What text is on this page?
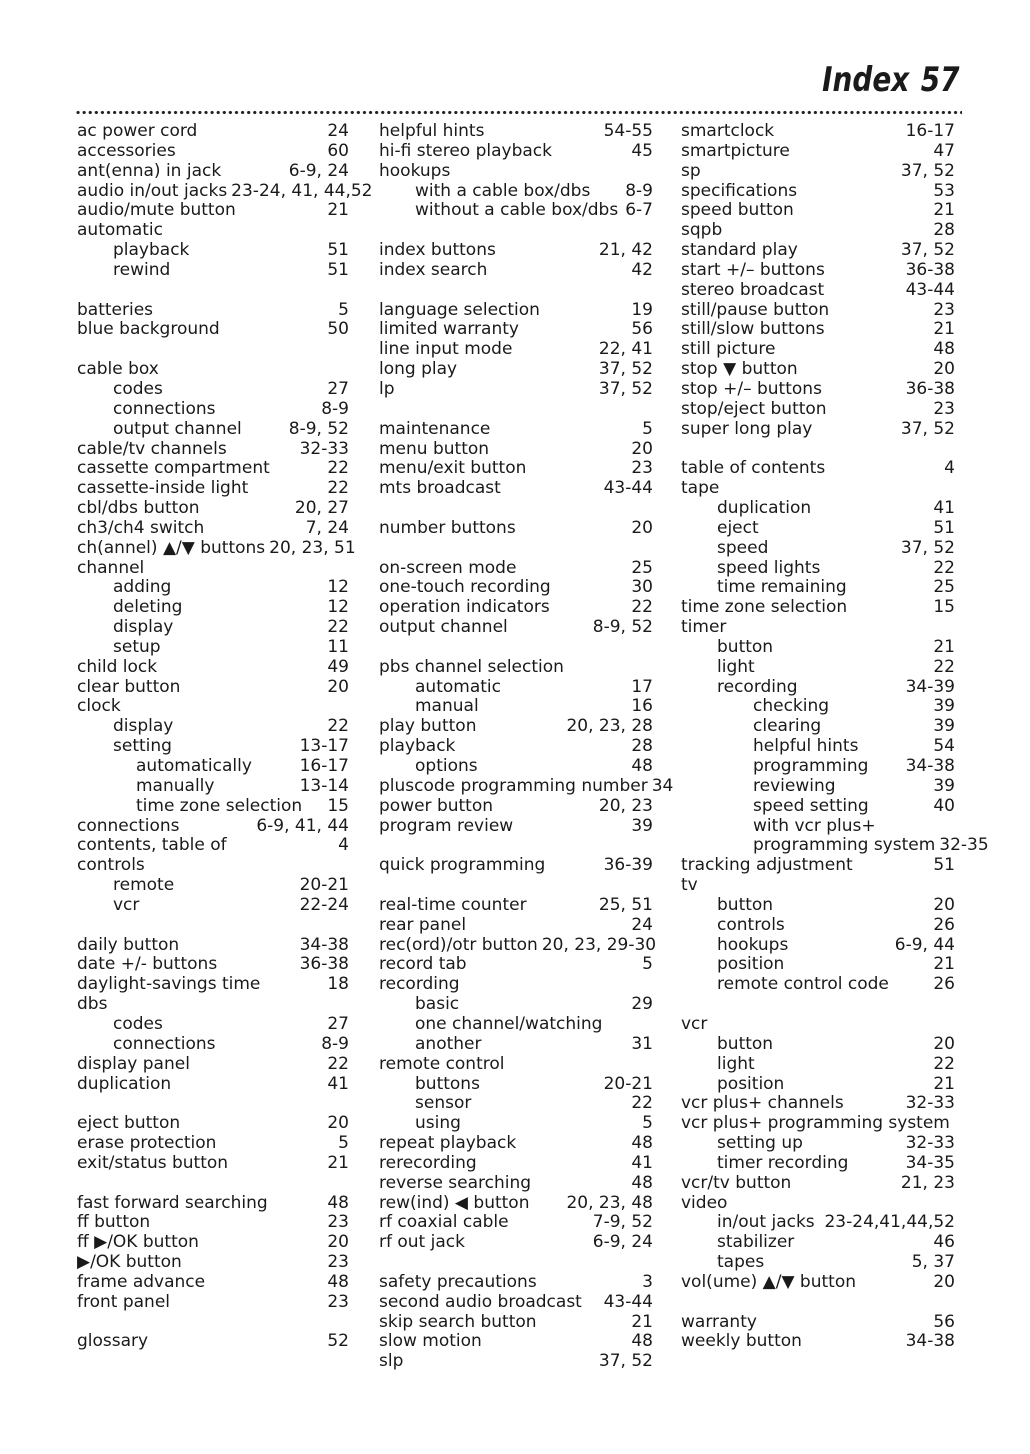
Index 57
ac power cord	24
accessories	60
ant(enna) in jack	6-9, 24
audio in/out jacks 23-24, 41, 44,52
audio/mute button	21
automatic
playback	51
rewind	51
batteries	5
blue background	50
cable box
codes	27
connections	8-9
output channel	8-9, 52
cable/tv channels	32-33
cassette compartment	22
cassette-inside light	22
cbl/dbs button	20, 27
ch3/ch4 switch	7, 24
ch(annel) ▲/▼ buttons 20, 23, 51
channel
adding	12
deleting	12
display	22
setup	11
child lock	49
clear button	20
clock
display	22
setting	13-17
automatically	16-17
manually	13-14
time zone selection 15
connections	6-9, 41, 44
contents, table of	4
controls
remote	20-21
vcr	22-24
daily button	34-38
date +/- buttons	36-38
daylight-savings time	18
dbs
codes	27
connections	8-9
display panel	22
duplication	41
eject button	20
erase protection	5
exit/status button	21
fast forward searching	48
ff button	23
ff ▶/OK button	20
▶/OK button	23
frame advance	48
front panel	23
glossary	52
helpful hints	54-55
hi-fi stereo playback	45
hookups
with a cable box/dbs 8-9
without a cable box/dbs 6-7
index buttons	21, 42
index search	42
language selection	19
limited warranty	56
line input mode	22, 41
long play	37, 52
lp	37, 52
maintenance	5
menu button	20
menu/exit button	23
mts broadcast	43-44
number buttons	20
on-screen mode	25
one-touch recording	30
operation indicators	22
output channel	8-9, 52
pbs channel selection
automatic	17
manual	16
play button	20, 23, 28
playback	28
options	48
pluscode programming number 34
power button	20, 23
program review	39
quick programming	36-39
real-time counter	25, 51
rear panel	24
rec(ord)/otr button 20, 23, 29-30
record tab	5
recording
basic	29
one channel/watching
another	31
remote control
buttons	20-21
sensor	22
using	5
repeat playback	48
rerecording	41
reverse searching	48
rew(ind) ◀ button 20, 23, 48
rf coaxial cable	7-9, 52
rf out jack	6-9, 24
safety precautions	3
second audio broadcast 43-44
skip search button	21
slow motion	48
slp	37, 52
smartclock	16-17
smartpicture	47
sp	37, 52
specifications	53
speed button	21
sqpb	28
standard play	37, 52
start +/– buttons	36-38
stereo broadcast	43-44
still/pause button	23
still/slow buttons	21
still picture	48
stop ▼ button	20
stop +/– buttons	36-38
stop/eject button	23
super long play	37, 52
table of contents	4
tape
duplication	41
eject	51
speed	37, 52
speed lights	22
time remaining	25
time zone selection	15
timer
button	21
light	22
recording	34-39
checking	39
clearing	39
helpful hints	54
programming 34-38
reviewing	39
speed setting	40
with vcr plus+
programming system 32-35
tracking adjustment	51
tv
button	20
controls	26
hookups	6-9, 44
position	21
remote control code	26
vcr
button	20
light	22
position	21
vcr plus+ channels	32-33
vcr plus+ programming system
setting up	32-33
timer recording	34-35
vcr/tv button	21, 23
video
in/out jacks 23-24,41,44,52
stabilizer	46
tapes	5, 37
vol(ume) ▲/▼ button	20
warranty	56
weekly button	34-38
